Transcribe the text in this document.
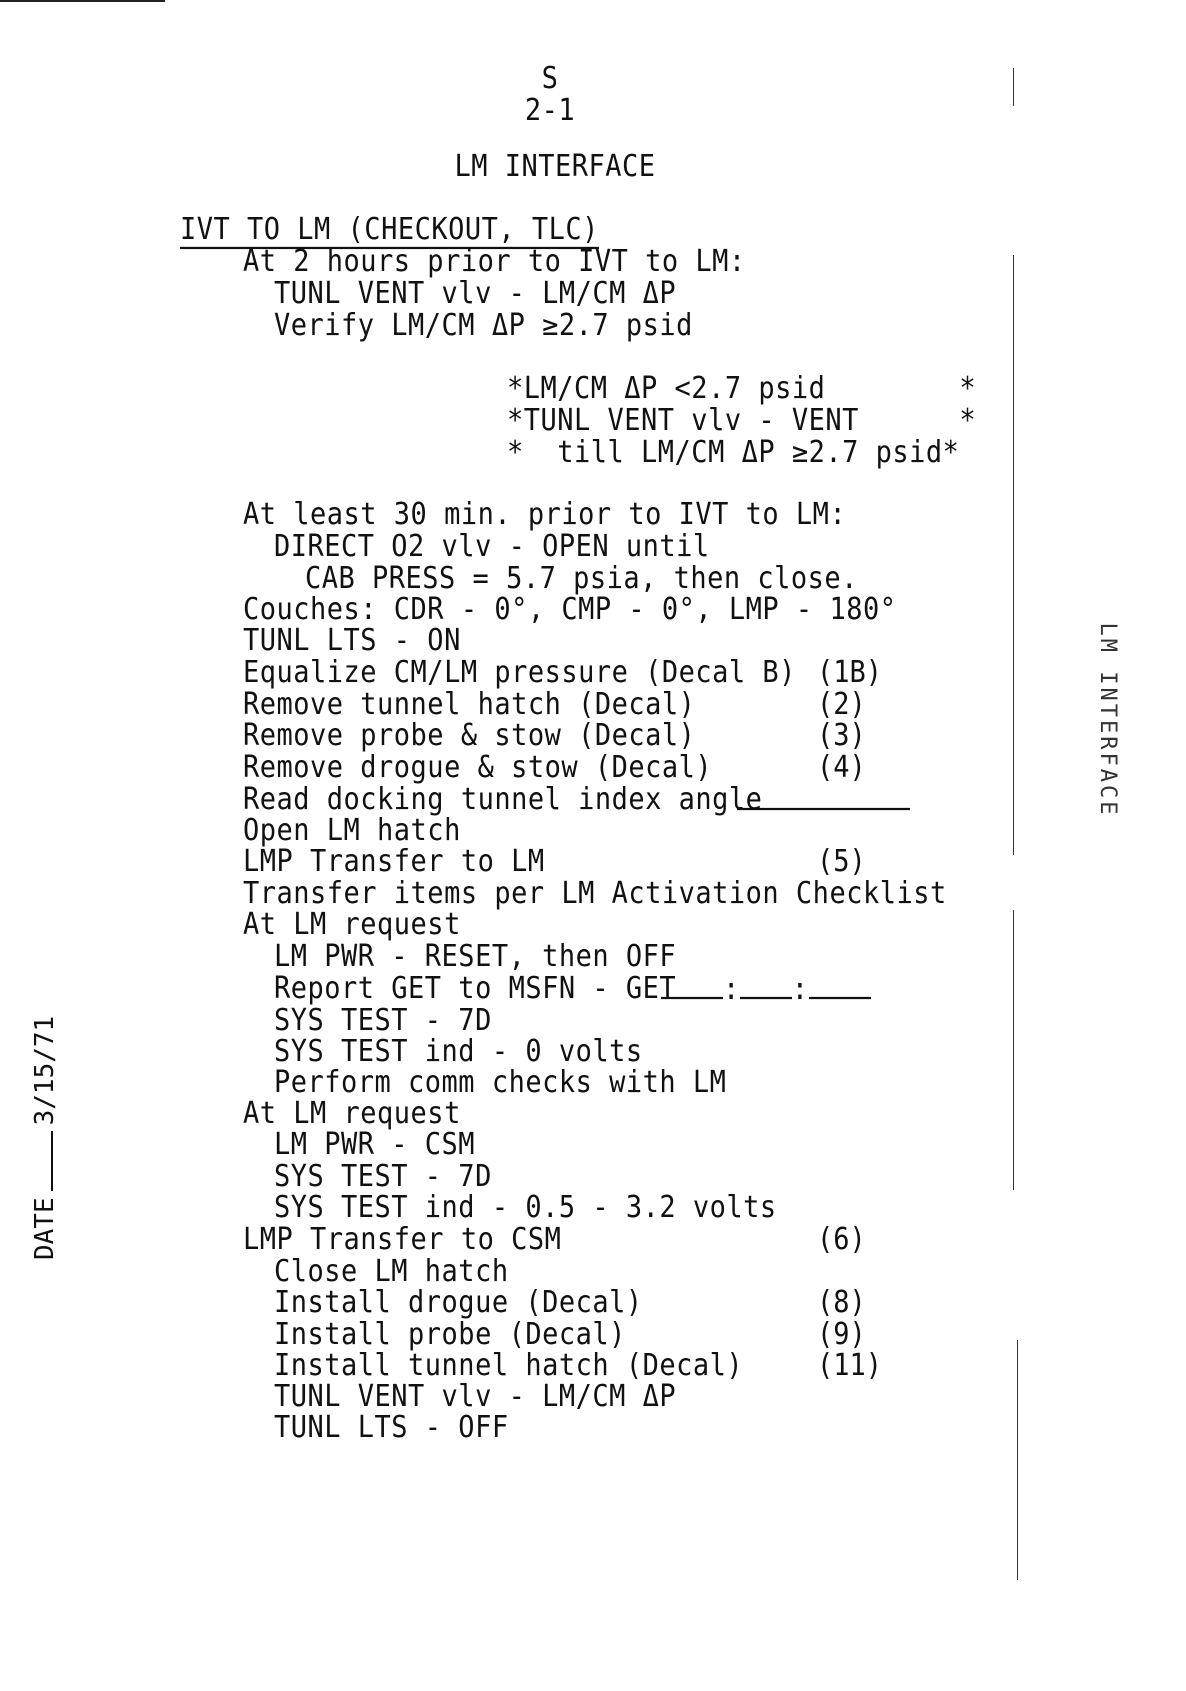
S
2-1
LM INTERFACE
IVT TO LM (CHECKOUT, TLC)
At 2 hours prior to IVT to LM:
TUNL VENT vlv - LM/CM ΔP
Verify LM/CM ΔP ≥2.7 psid
*LM/CM ΔP <2.7 psid        *
*TUNL VENT vlv - VENT      *
*  till LM/CM ΔP ≥2.7 psid*
At least 30 min. prior to IVT to LM:
DIRECT O2 vlv - OPEN until
CAB PRESS = 5.7 psia, then close.
Couches: CDR - 0°, CMP - 0°, LMP - 180°
TUNL LTS - ON
Equalize CM/LM pressure (Decal B) (1B)
Remove tunnel hatch (Decal)	(2)
Remove probe & stow (Decal)	(3)
Remove drogue & stow (Decal)	(4)
Read docking tunnel index angle
Open LM hatch
LMP Transfer to LM	(5)
Transfer items per LM Activation Checklist
At LM request
LM PWR - RESET, then OFF
Report GET to MSFN - GET	: :
SYS TEST - 7D
SYS TEST ind - 0 volts
Perform comm checks with LM
At LM request
LM PWR - CSM
SYS TEST - 7D
SYS TEST ind - 0.5 - 3.2 volts
LMP Transfer to CSM	(6)
Close LM hatch
Install drogue (Decal)	(8)
Install probe (Decal)	(9)
Install tunnel hatch (Decal)	(11)
TUNL VENT vlv - LM/CM ΔP
TUNL LTS - OFF
LM INTERFACE
DATE3/15/71
